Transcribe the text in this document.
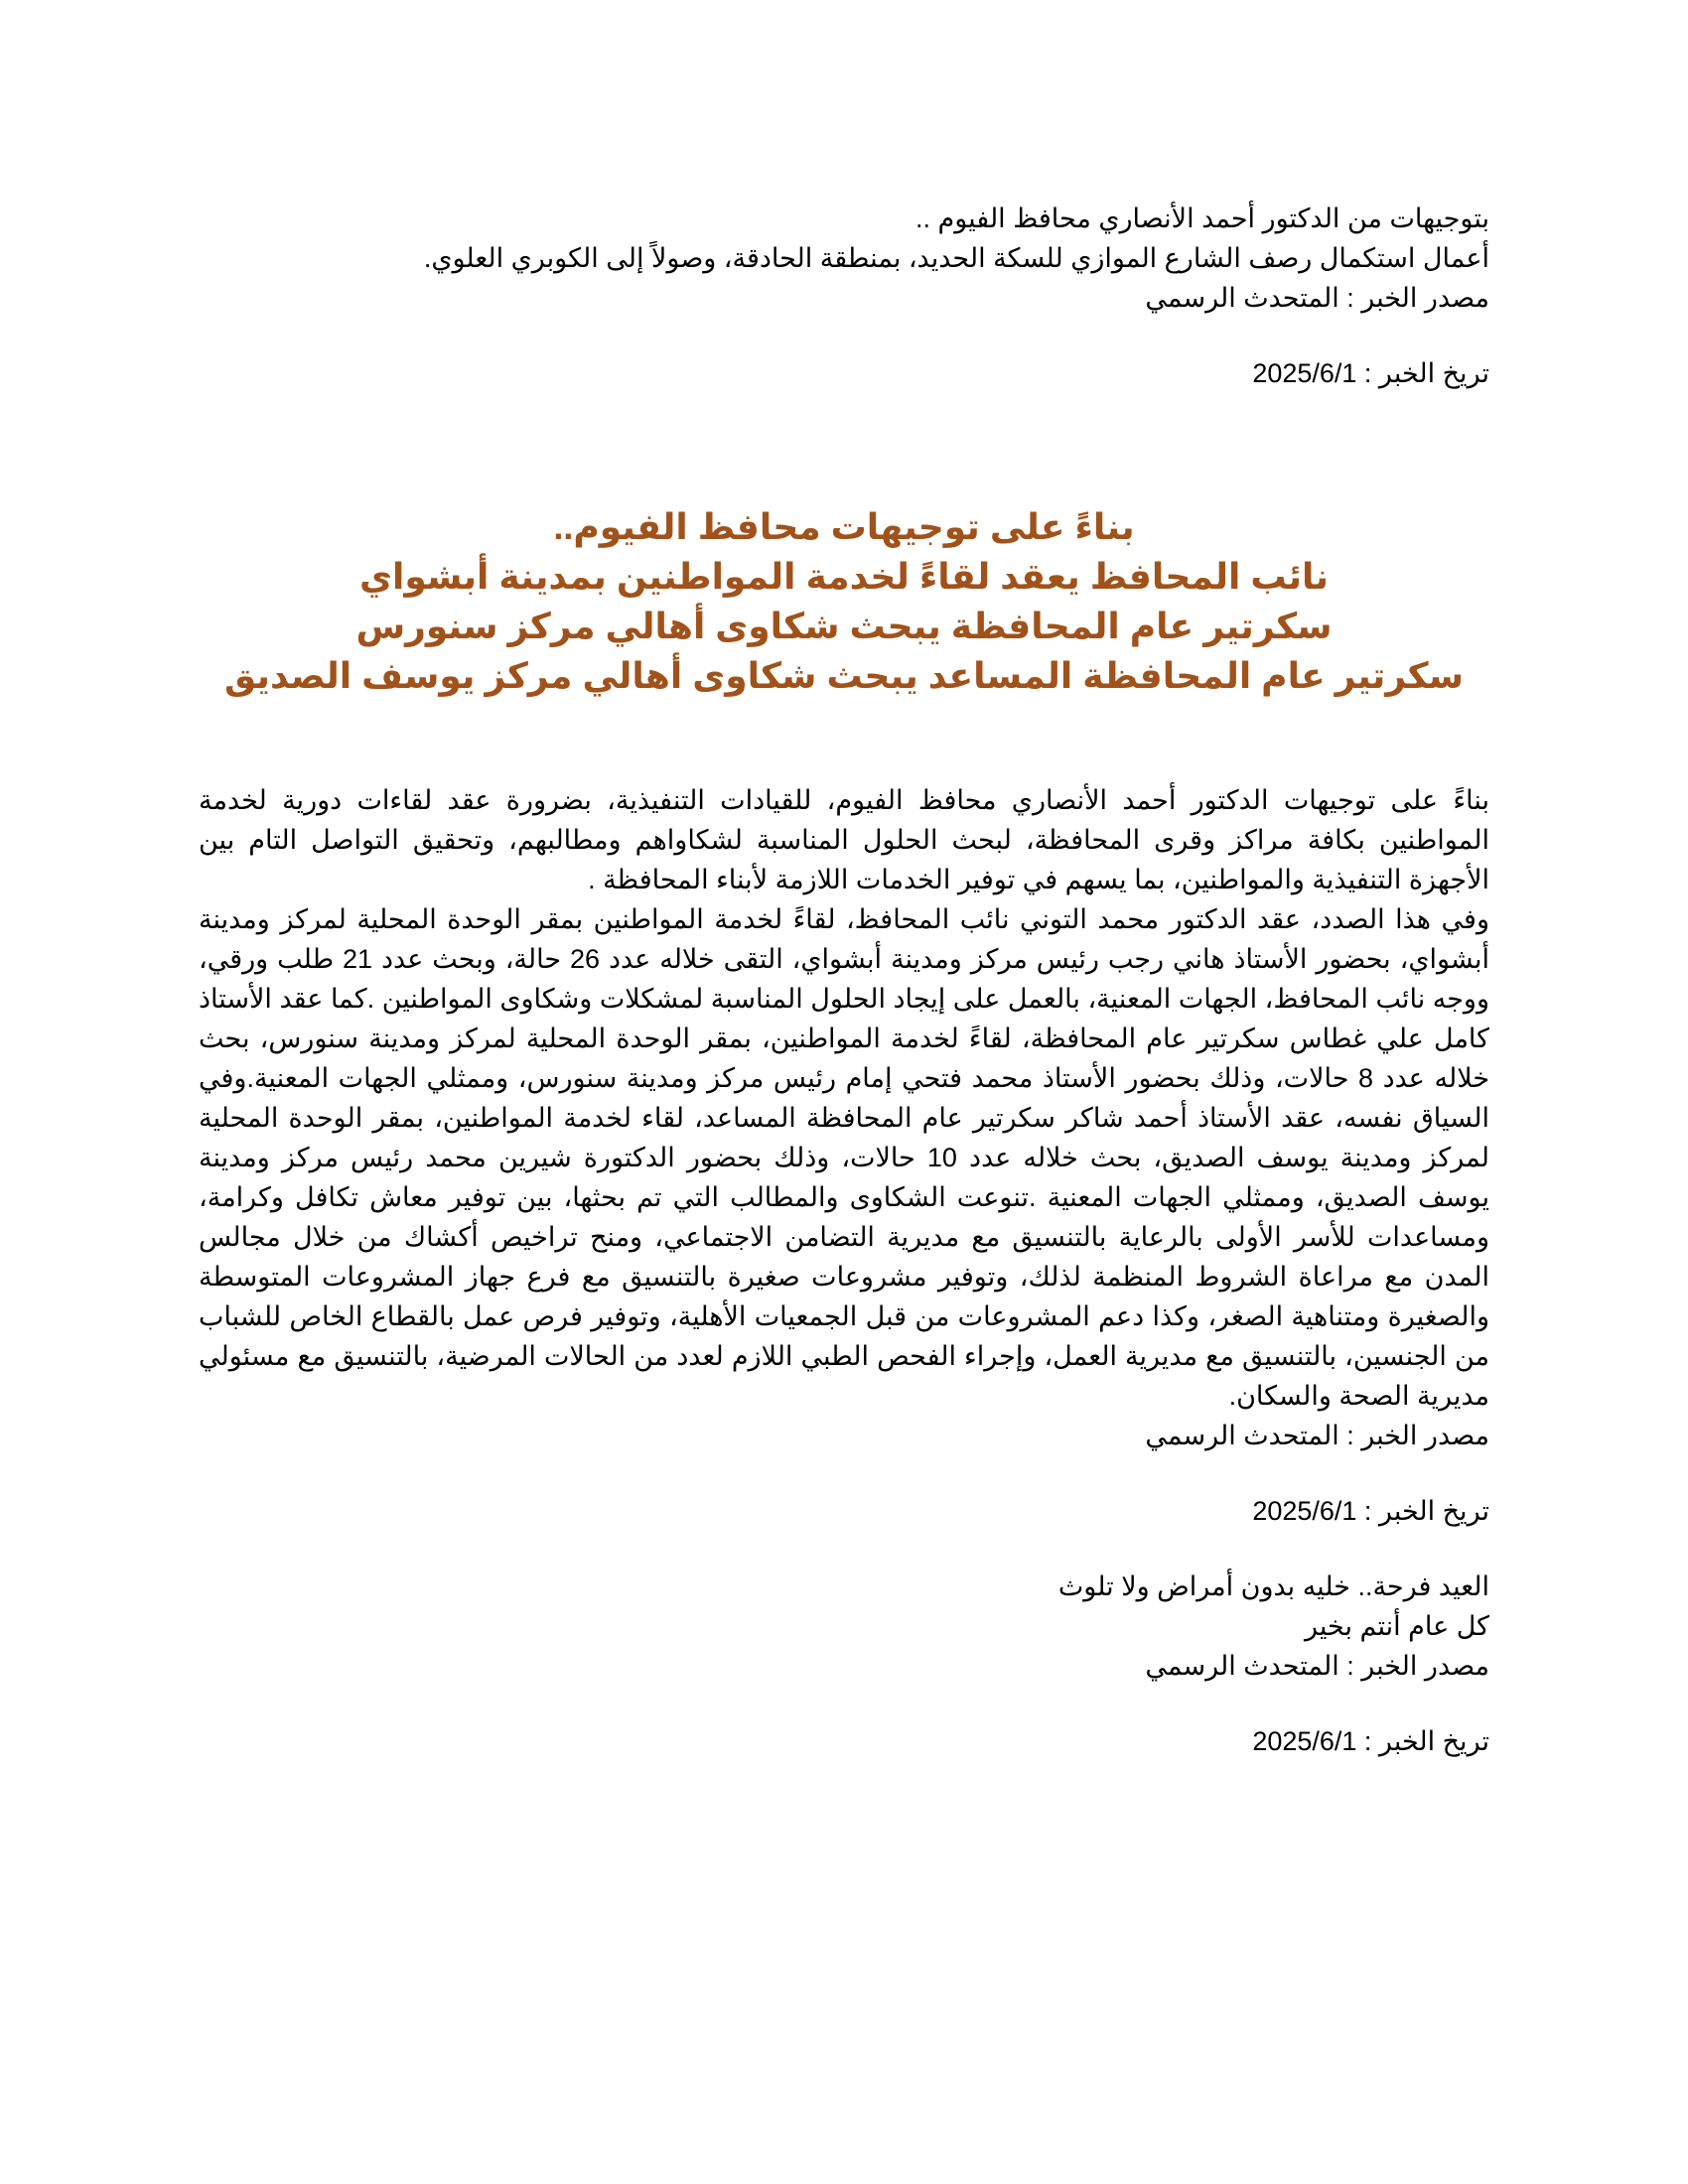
بتوجيهات من الدكتور أحمد الأنصاري محافظ الفيوم ..

أعمال استكمال رصف الشارع الموازي للسكة الحديد، بمنطقة الحادقة، وصولاً إلى الكوبري العلوي.

مصدر الخبر : المتحدث الرسمي

تريخ الخبر : 2025/6/1

بناءً على توجيهات محافظ الفيوم..

نائب المحافظ يعقد لقاءً لخدمة المواطنين بمدينة أبشواي

سكرتير عام المحافظة يبحث شكاوى أهالي مركز سنورس

سكرتير عام المحافظة المساعد يبحث شكاوى أهالي مركز يوسف الصديق

بناءً على توجيهات الدكتور أحمد الأنصاري محافظ الفيوم، للقيادات التنفيذية، بضرورة عقد لقاءات دورية لخدمة المواطنين بكافة مراكز وقرى المحافظة، لبحث الحلول المناسبة لشكاواهم ومطالبهم، وتحقيق التواصل التام بين الأجهزة التنفيذية والمواطنين، بما يسهم في توفير الخدمات اللازمة لأبناء المحافظة .

وفي هذا الصدد، عقد الدكتور محمد التوني نائب المحافظ، لقاءً لخدمة المواطنين بمقر الوحدة المحلية لمركز ومدينة أبشواي، بحضور الأستاذ هاني رجب رئيس مركز ومدينة أبشواي، التقى خلاله عدد 26 حالة، وبحث عدد 21 طلب ورقي، ووجه نائب المحافظ، الجهات المعنية، بالعمل على إيجاد الحلول المناسبة لمشكلات وشكاوى المواطنين .كما عقد الأستاذ كامل علي غطاس سكرتير عام المحافظة، لقاءً لخدمة المواطنين، بمقر الوحدة المحلية لمركز ومدينة سنورس، بحث خلاله عدد 8 حالات، وذلك بحضور الأستاذ محمد فتحي إمام رئيس مركز ومدينة سنورس، وممثلي الجهات المعنية.وفي السياق نفسه، عقد الأستاذ أحمد شاكر سكرتير عام المحافظة المساعد، لقاء لخدمة المواطنين، بمقر الوحدة المحلية لمركز ومدينة يوسف الصديق، بحث خلاله عدد 10 حالات، وذلك بحضور الدكتورة شيرين محمد رئيس مركز ومدينة يوسف الصديق، وممثلي الجهات المعنية .تنوعت الشكاوى والمطالب التي تم بحثها، بين توفير معاش تكافل وكرامة، ومساعدات للأسر الأولى بالرعاية بالتنسيق مع مديرية التضامن الاجتماعي، ومنح تراخيص أكشاك من خلال مجالس المدن مع مراعاة الشروط المنظمة لذلك، وتوفير مشروعات صغيرة بالتنسيق مع فرع جهاز المشروعات المتوسطة والصغيرة ومتناهية الصغر، وكذا دعم المشروعات من قبل الجمعيات الأهلية، وتوفير فرص عمل بالقطاع الخاص للشباب من الجنسين، بالتنسيق مع مديرية العمل، وإجراء الفحص الطبي اللازم لعدد من الحالات المرضية، بالتنسيق مع مسئولي مديرية الصحة والسكان.

مصدر الخبر : المتحدث الرسمي

تريخ الخبر : 2025/6/1

العيد فرحة.. خليه بدون أمراض ولا تلوث

كل عام أنتم بخير

مصدر الخبر : المتحدث الرسمي

تريخ الخبر : 2025/6/1
